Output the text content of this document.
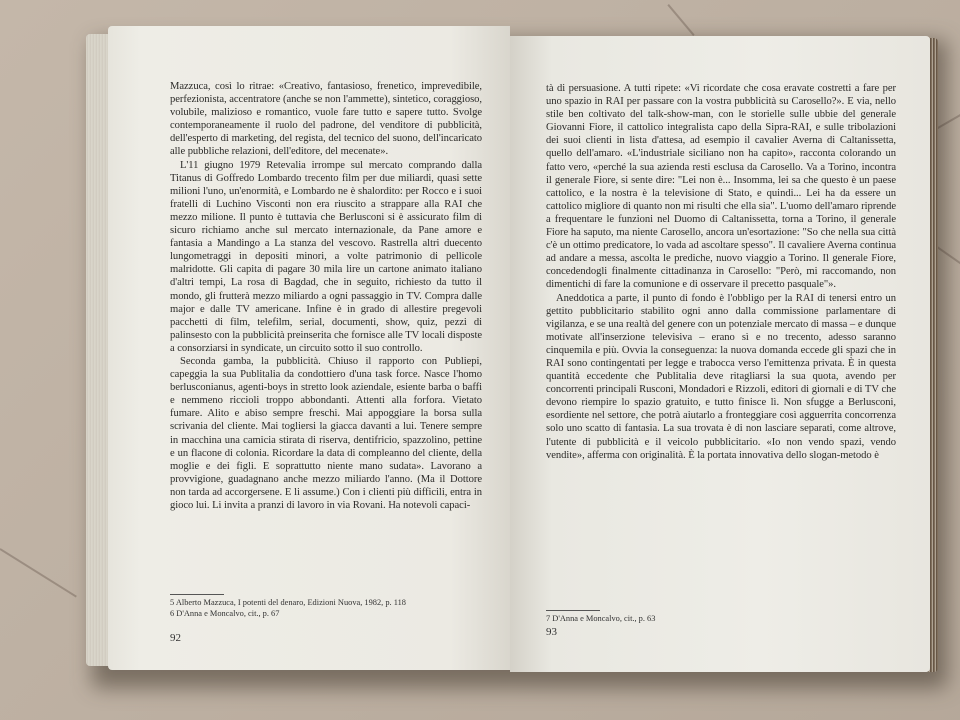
Mazzuca, così lo ritrae: «Creativo, fantasioso, frenetico, imprevedibile, perfezionista, accentratore (anche se non l'ammette), sintetico, coraggioso, volubile, malizioso e romantico, vuole fare tutto e sapere tutto. Svolge contemporaneamente il ruolo del padrone, del venditore di pubblicità, dell'esperto di marketing, del regista, del tecnico del suono, dell'incaricato alle pubbliche relazioni, dell'editore, del mecenate».

L'11 giugno 1979 Retevalia irrompe sul mercato comprando dalla Titanus di Goffredo Lombardo trecento film per due miliardi, quasi sette milioni l'uno, un'enormità, e Lombardo ne è shalordito: per Rocco e i suoi fratelli di Luchino Visconti non era riuscito a strappare alla RAI che mezzo milione. Il punto è tuttavia che Berlusconi si è assicurato film di sicuro richiamo anche sul mercato internazionale, da Pane amore e fantasia a Mandingo a La stanza del vescovo. Rastrella altri duecento lungometraggi in depositi minori, a volte patrimonio di pellicole malridotte. Gli capita di pagare 30 mila lire un cartone animato italiano d'altri tempi, La rosa di Bagdad, che in seguito, richiesto da tutto il mondo, gli frutterà mezzo miliardo a ogni passaggio in TV. Compra dalle major e dalle TV americane. Infine è in grado di allestire pregevoli pacchetti di film, telefilm, serial, documenti, show, quiz, pezzi di palinsesto con la pubblicità preinserita che fornisce alle TV locali disposte a consorziarsi in syndicate, un circuito sotto il suo controllo.

Seconda gamba, la pubblicità. Chiuso il rapporto con Publiepi, capeggia la sua Publitalia da condottiero d'una task force. Nasce l'homo berlusconianus, agenti-boys in stretto look aziendale, esiente barba o baffi e nemmeno riccioli troppo abbondanti. Attenti alla forfora. Vietato fumare. Alito e abiso sempre freschi. Mai appoggiare la borsa sulla scrivania del cliente. Mai togliersi la giacca davanti a lui. Tenere sempre in macchina una camicia stirata di riserva, dentifricio, spazzolino, pettine e un flacone di colonia. Ricordare la data di compleanno del cliente, della moglie e dei figli. E soprattutto niente mano sudata». Lavorano a provvigione, guadagnano anche mezzo miliardo l'anno. (Ma il Dottore non tarda ad accorgersene. E li assume.) Con i clienti più difficili, entra in gioco lui. Li invita a pranzi di lavoro in via Rovani. Ha notevoli capaci-

5 Alberto Mazzuca, I potenti del denaro, Edizioni Nuova, 1982, p. 118
6 D'Anna e Moncalvo, cit., p. 67
92

tà di persuasione. A tutti ripete: «Vi ricordate che cosa eravate costretti a fare per uno spazio in RAI per passare con la vostra pubblicità su Carosello?». E via, nello stile ben coltivato del talk-show-man, con le storielle sulle ubbie del generale Giovanni Fiore, il cattolico integralista capo della Sipra-RAI, e sulle tribolazioni dei suoi clienti in lista d'attesa, ad esempio il cavalier Averna di Caltanissetta, quello dell'amaro. «L'industriale siciliano non ha capito», racconta colorando un fatto vero, «perché la sua azienda resti esclusa da Carosello. Va a Torino, incontra il generale Fiore, si sente dire: "Lei non è... Insomma, lei sa che questo è un paese cattolico, e la nostra è la televisione di Stato, e quindi... Lei ha da essere un cattolico migliore di quanto non mi risulti che ella sia". L'uomo dell'amaro riprende a frequentare le funzioni nel Duomo di Caltanissetta, torna a Torino, il generale Fiore ha saputo, ma niente Carosello, ancora un'esortazione: "So che nella sua città c'è un ottimo predicatore, lo vada ad ascoltare spesso". Il cavaliere Averna continua ad andare a messa, ascolta le prediche, nuovo viaggio a Torino. Il generale Fiore, concedendogli finalmente cittadinanza in Carosello: "Però, mi raccomando, non dimentichi di fare la comunione e di osservare il precetto pasquale"».

Aneddotica a parte, il punto di fondo è l'obbligo per la RAI di tenersi entro un gettito pubblicitario stabilito ogni anno dalla commissione parlamentare di vigilanza, e se una realtà del genere con un potenziale mercato di massa – e dunque motivate all'inserzione televisiva – erano sì e no trecento, adesso saranno cinquemila e più. Ovvia la conseguenza: la nuova domanda eccede gli spazi che in RAI sono contingentati per legge e trabocca verso l'emittenza privata. È in questa quantità eccedente che Publitalia deve ritagliarsi la sua quota, avendo per concorrenti principali Rusconi, Mondadori e Rizzoli, editori di giornali e di TV che devono riempire lo spazio gratuito, e tutto finisce lì. Non sfugge a Berlusconi, esordiente nel settore, che potrà aiutarlo a fronteggiare così agguerrita concorrenza solo uno scatto di fantasia. La sua trovata è di non lasciare separati, come altrove, l'utente di pubblicità e il veicolo pubblicitario. «Io non vendo spazi, vendo vendite», afferma con originalità. È la portata innovativa dello slogan-metodo è

7 D'Anna e Moncalvo, cit., p. 63
93
